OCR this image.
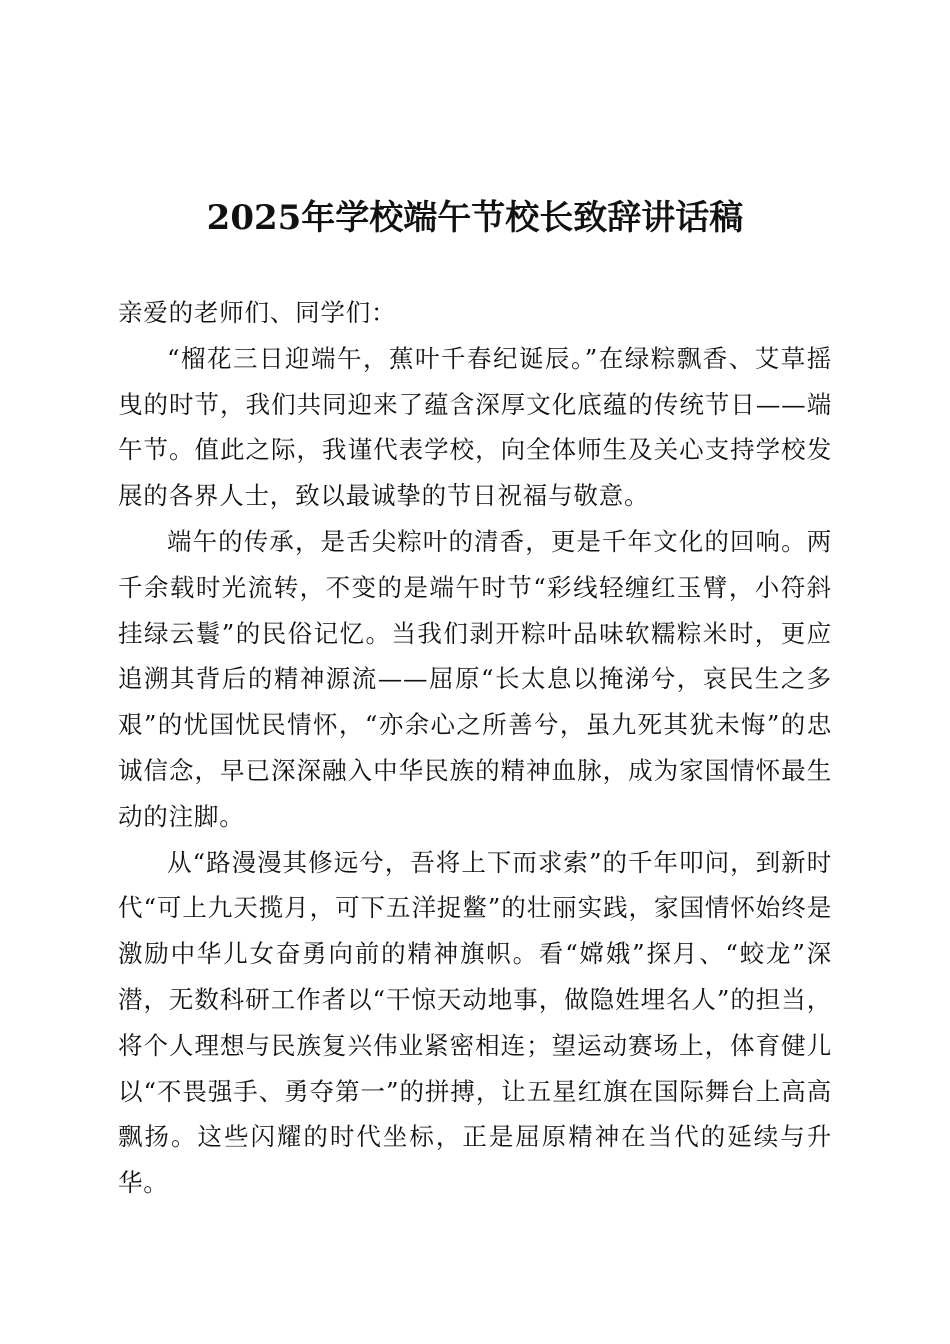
2025年学校端午节校长致辞讲话稿

亲爱的老师们、同学们：

“榴花三日迎端午，蕉叶千春纪诞辰。”在绿粽飘香、艾草摇曳的时节，我们共同迎来了蕴含深厚文化底蕴的传统节日——端午节。值此之际，我谨代表学校，向全体师生及关心支持学校发展的各界人士，致以最诚挚的节日祝福与敬意。

端午的传承，是舌尖粽叶的清香，更是千年文化的回响。两千余载时光流转，不变的是端午时节“彩线轻缠红玉臂，小符斜挂绿云鬟”的民俗记忆。当我们剥开粽叶品味软糯粽米时，更应追溯其背后的精神源流——屈原“长太息以掩涕兮，哀民生之多艰”的忧国忧民情怀，“亦余心之所善兮，虽九死其犹未悔”的忠诚信念，早已深深融入中华民族的精神血脉，成为家国情怀最生动的注脚。

从“路漫漫其修远兮，吾将上下而求索”的千年叩问，到新时代“可上九天揽月，可下五洋捉鳖”的壮丽实践，家国情怀始终是激励中华儿女奋勇向前的精神旗帜。看“嫦娥”探月、“蛟龙”深潜，无数科研工作者以“干惊天动地事，做隐姓埋名人”的担当，将个人理想与民族复兴伟业紧密相连；望运动赛场上，体育健儿以“不畏强手、勇夺第一”的拼搏，让五星红旗在国际舞台上高高飘扬。这些闪耀的时代坐标，正是屈原精神在当代的延续与升华。
